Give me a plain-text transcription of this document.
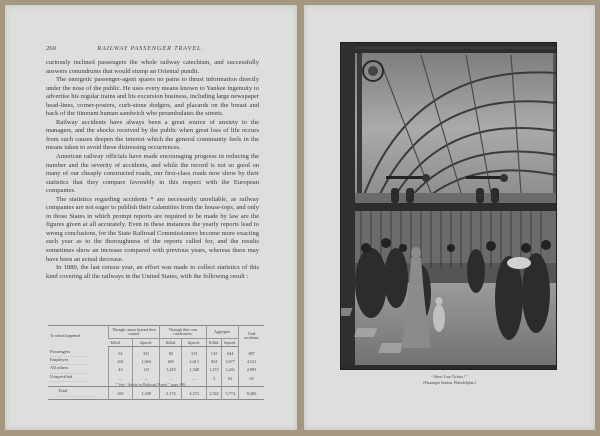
260	RAILWAY PASSENGER TRAVEL.

curiously inclined passengers the whole railway catechism, and successfully answers conundrums that would stump an Oriental pundit.

The energetic passenger-agent spares no pains to thrust information directly under the nose of the public. He uses every means known to Yankee ingenuity to advertise his regular trains and his excursion business, including large newspaper head-lines, corner-posters, curb-stone dodgers, and placards on the breast and back of the itinerant human sandwich who perambulates the streets.

Railway accidents have always been a great source of anxiety to the managers, and the shocks received by the public when great loss of life occurs from such causes deepen the interest which the general community feels in the means taken to avoid these distressing occurrences.

American railway officials have made encouraging progress in reducing the number and the severity of accidents, and while the record is not so good on many of our cheaply constructed roads, our first-class roads now show by their statistics that they compare favorably in this respect with the European companies.

The statistics regarding accidents * are necessarily unreliable, as railway companies are not eager to publish their calamities from the house-tops, and only in those States in which prompt reports are required to be made by law are the figures given at all accurately. Even in these instances the yearly reports lead to wrong conclusions, for the State Railroad Commissioners become more exacting each year as to the thoroughness of the reports called for, and the results sometimes show an increase compared with previous years, whereas there may have been an actual decrease.

In 1880, the last census year, an effort was made to collect statistics of this kind covering all the railways in the United States, with the following result :

To whom happened.	Through causes beyond their control.		Through their own carelessness.		Aggregate.		Total accidents.
	Killed.	Injured.	Killed.	Injured.	Killed.	Injured.	
Passengers .....	61	331	82	313	143	644	687
Employes .....	261	1,064	665	2,613	924	3,677	4,541
All others .....	43	115	1,429	1,348	1,472	1,431	2,903
Unspecified .....	....	....	....	....	3	62	65
Total .....	365	1,438	2,174	4,274	2,542	5,774	8,206
* See “ Safety in Railroad Travel,” page 190.
“ Show Your Tickets ! ”
(Passenger Station, Philadelphia.)
